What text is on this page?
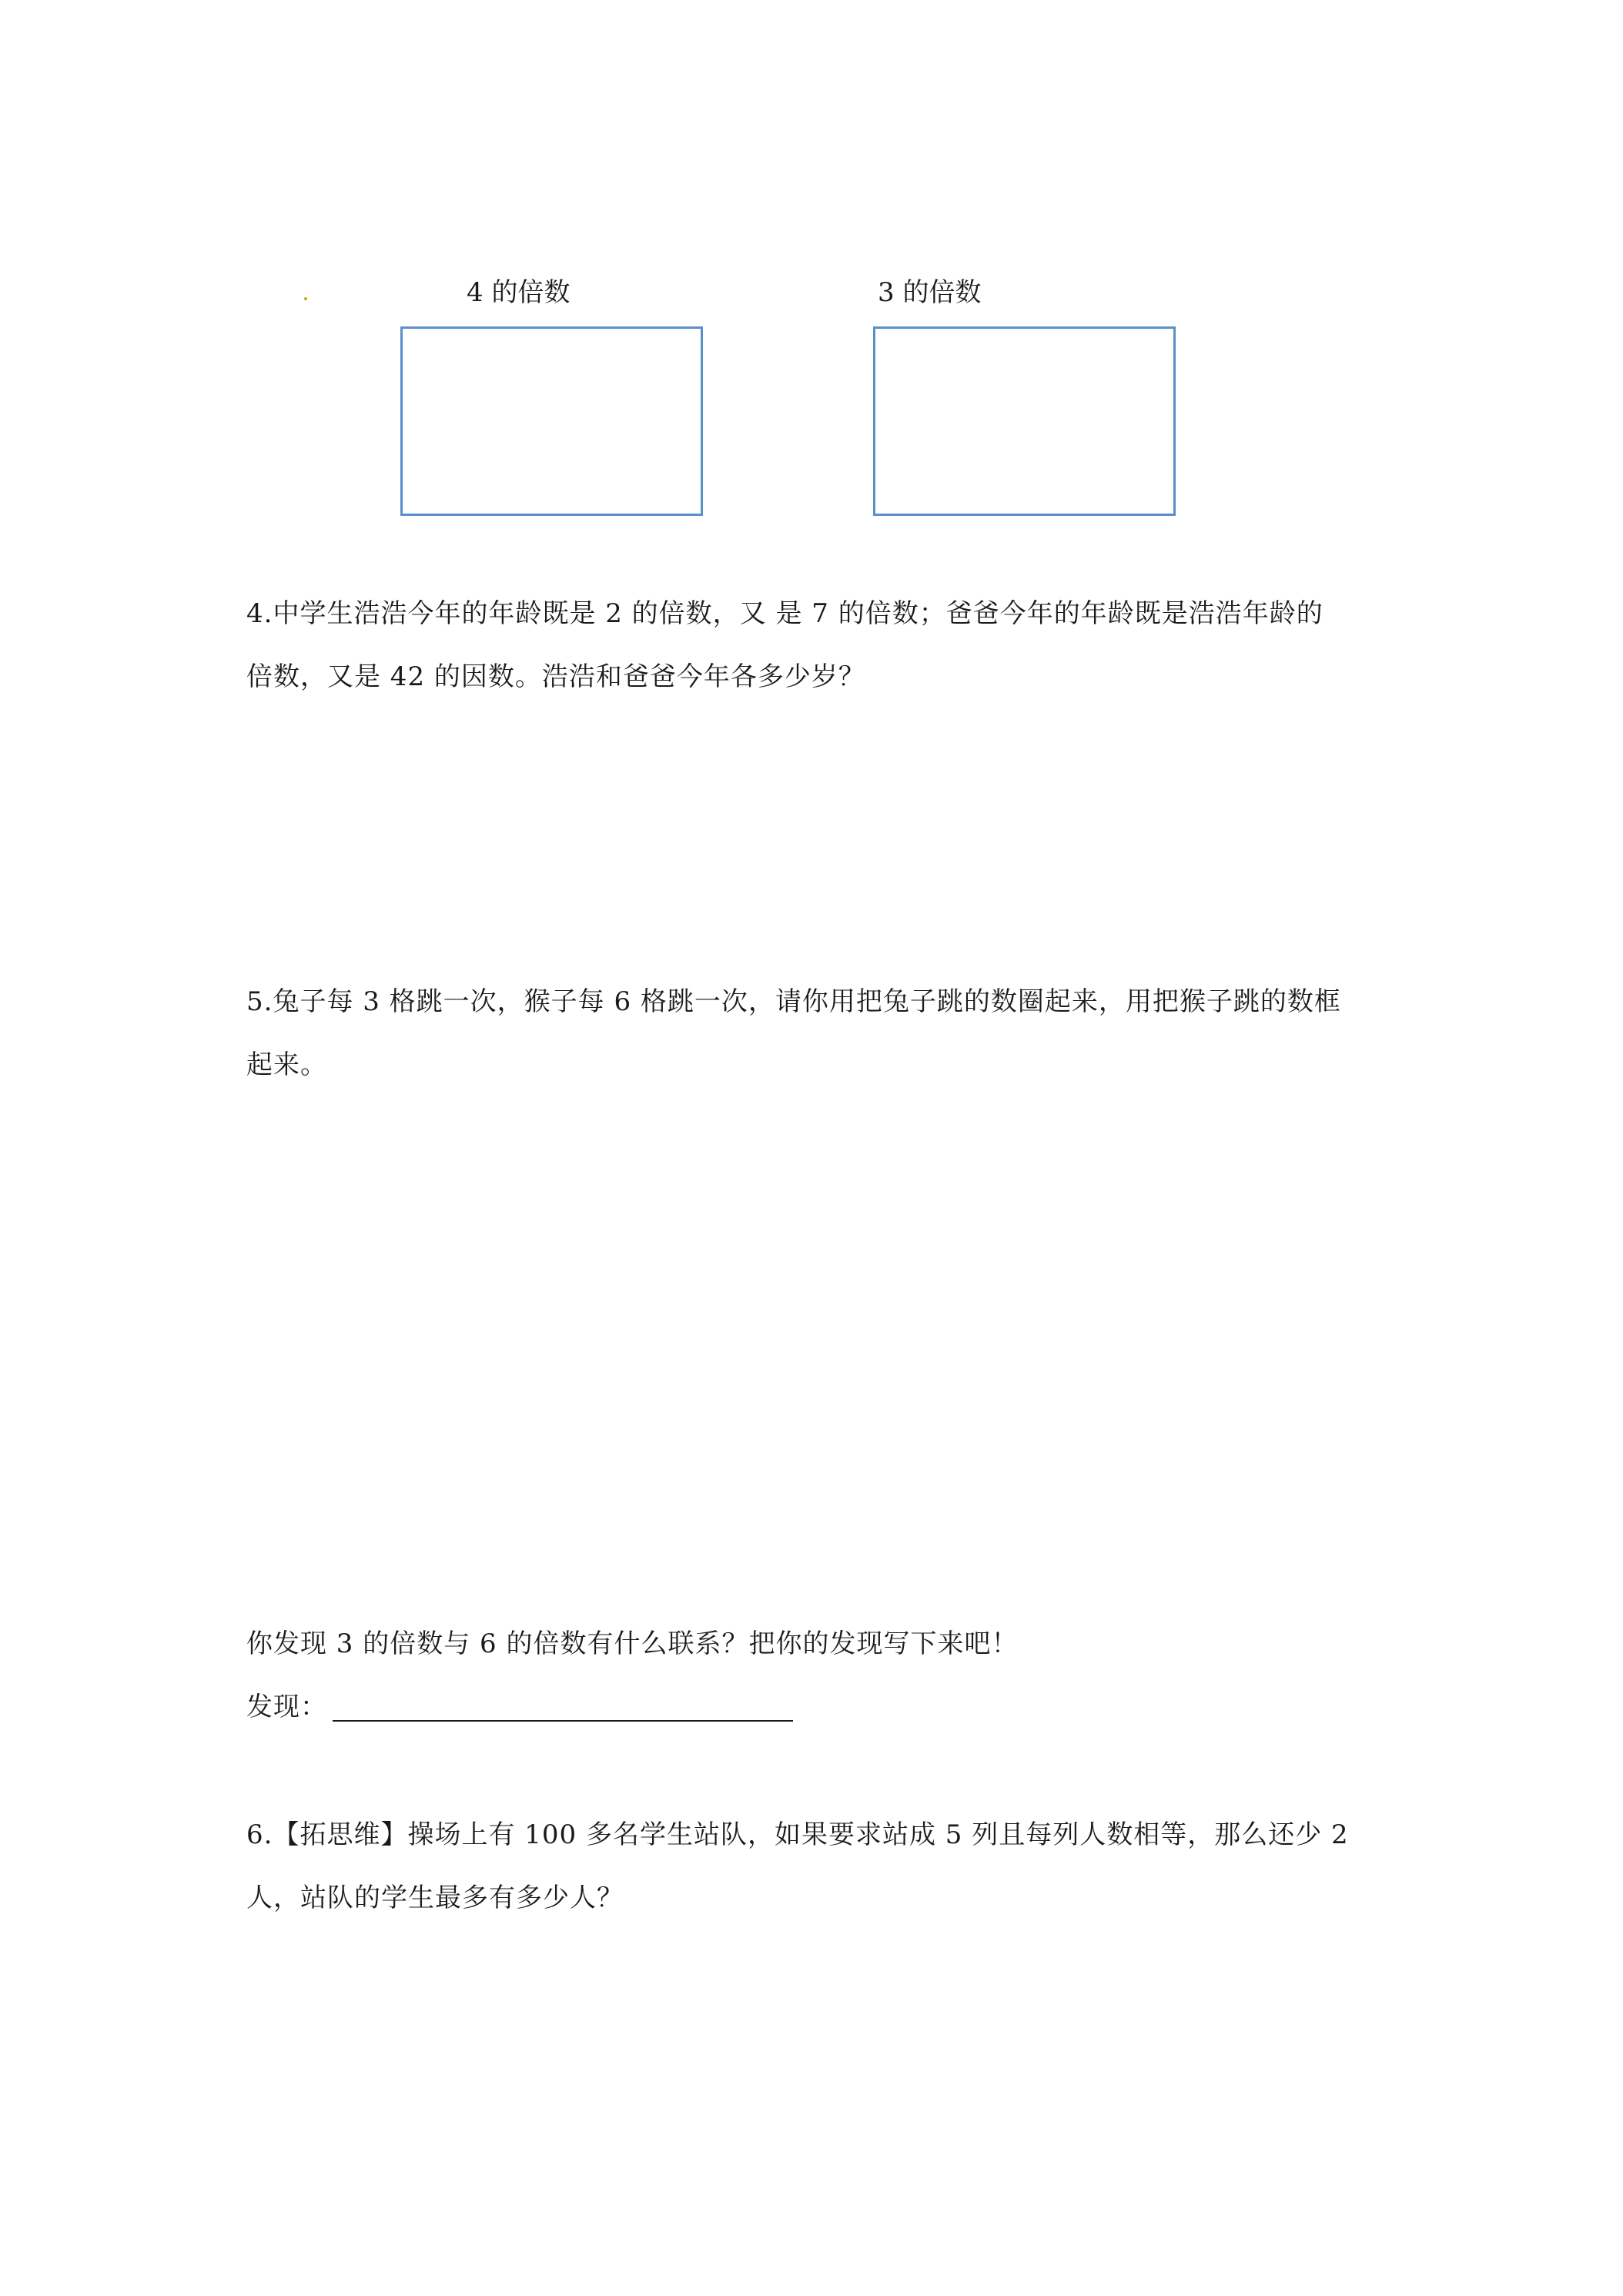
4 的倍数	3 的倍数
4.中学生浩浩今年的年龄既是 2 的倍数，又 是 7 的倍数；爸爸今年的年龄既是浩浩年龄的
倍数，又是 42 的因数。浩浩和爸爸今年各多少岁？
5.兔子每 3 格跳一次，猴子每 6 格跳一次，请你用把兔子跳的数圈起来，用把猴子跳的数框
起来。
你发现 3 的倍数与 6 的倍数有什么联系？把你的发现写下来吧！
发现：
6.【拓思维】操场上有 100 多名学生站队，如果要求站成 5 列且每列人数相等，那么还少 2
人，站队的学生最多有多少人？
